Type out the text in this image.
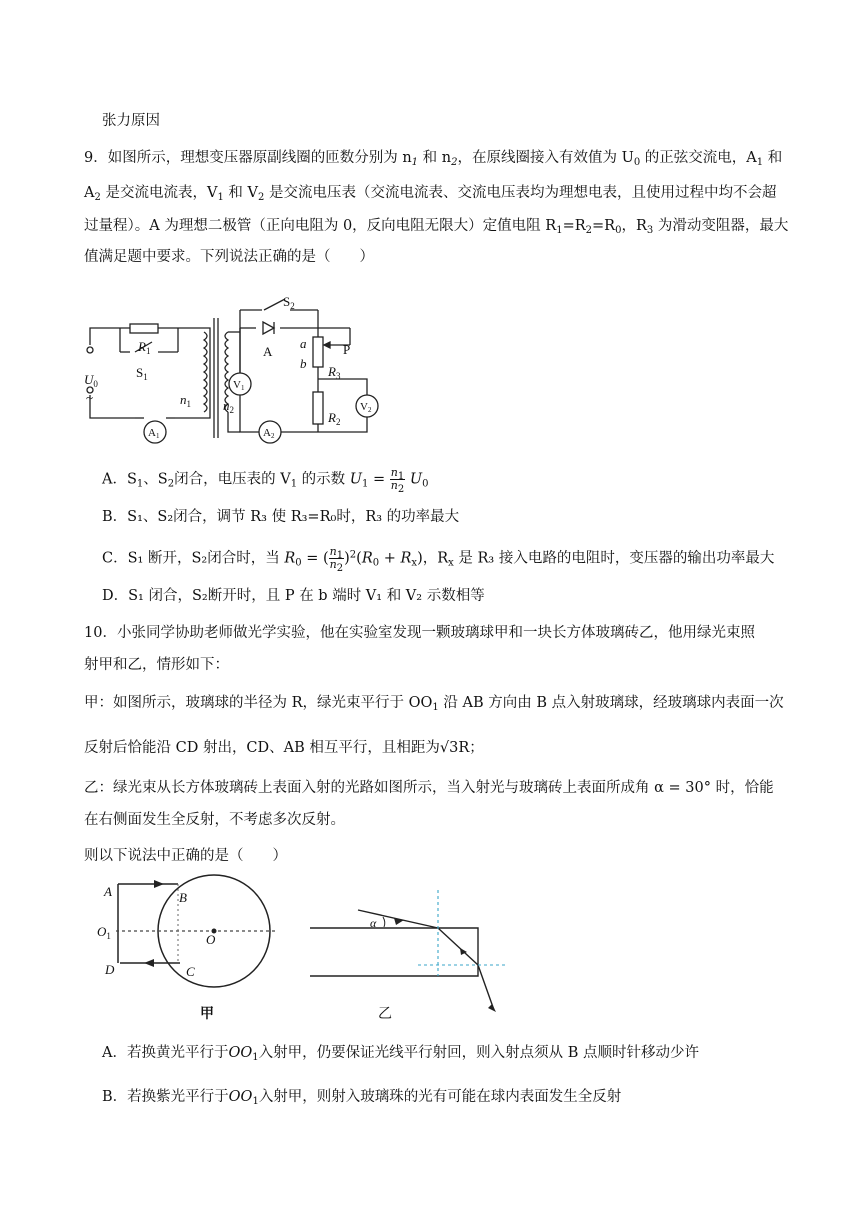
张力原因
9．如图所示，理想变压器原副线圈的匝数分别为 $n_1$ 和 $n_2$，在原线圈接入有效值为 $U_0$ 的正弦交流电，$A_1$ 和
$A_2$ 是交流电流表，$V_1$ 和 $V_2$ 是交流电压表（交流电流表、交流电压表均为理想电表，且使用过程中均不会超
过量程）。A 为理想二极管（正向电阻为 0，反向电阻无限大）定值电阻 $R_1=R_2=R_0$，$R_3$ 为滑动变阻器，最大
值满足题中要求。下列说法正确的是（　　）
$S_2$
$R_1$
$S_1$
$U_0$
~	$n_1$ $n_2$
A
a
b
P
$R_3$
$R_2$
A1	A2
V1
V2
A．$S_1$、$S_2$闭合，电压表的 $V_1$ 的示数 $U_1 = \frac{n_1}{n_2} U_0$
B．S₁、S₂闭合，调节 R₃ 使 R₃=R₀时，R₃ 的功率最大
C．S₁ 断开，S₂闭合时，当 $R_0$ = ( $\frac{n_1}{n_2} )^2(R_0 + R_x)$，$R_x$ 是 R₃ 接入电路的电阻时，变压器的输出功率最大
D．S₁ 闭合，S₂断开时，且 P 在 b 端时 V₁ 和 V₂ 示数相等
10．小张同学协助老师做光学实验，他在实验室发现一颗玻璃球甲和一块长方体玻璃砖乙，他用绿光束照
射甲和乙，情形如下：
甲：如图所示，玻璃球的半径为 R，绿光束平行于 $OO_1$ 沿 AB 方向由 B 点入射玻璃球，经玻璃球内表面一次
反射后恰能沿 CD 射出，CD、AB 相互平行，且相距为√3R；
乙：绿光束从长方体玻璃砖上表面入射的光路如图所示，当入射光与玻璃砖上表面所成角 α = 30° 时，恰能
在右侧面发生全反射，不考虑多次反射。
则以下说法中正确的是（　　）
A	B
C
D
O
$O_1$
甲
α
乙
A．若换黄光平行于$OO_1$入射甲，仍要保证光线平行射回，则入射点须从 B 点顺时针移动少许
B．若换紫光平行于$OO_1$入射甲，则射入玻璃珠的光有可能在球内表面发生全反射
